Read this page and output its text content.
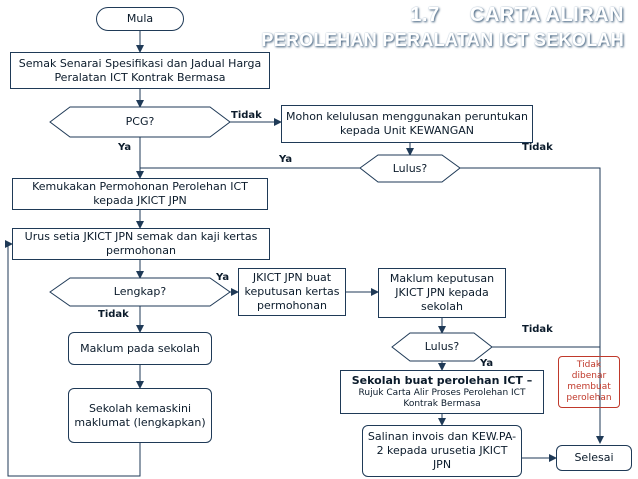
1.7 CARTA ALIRAN
PEROLEHAN PERALATAN ICT SEKOLAH
Mula
Semak Senarai Spesifikasi dan Jadual Harga Peralatan ICT Kontrak Bermasa
PCG?	Tidak
Ya
Mohon kelulusan menggunakan peruntukan kepada Unit KEWANGAN
Lulus?
Ya
Tidak
Kemukakan Permohonan Perolehan ICT kepada JKICT JPN
Urus setia JKICT JPN semak dan kaji kertas permohonan
Lengkap?
Ya
Tidak
JKICT JPN buat keputusan kertas permohonan
Maklum keputusan JKICT JPN kepada sekolah
Lulus?
Tidak
Ya
Maklum pada sekolah
Sekolah kemaskini maklumat (lengkapkan)
Sekolah buat perolehan ICT –
Rujuk Carta Alir Proses Perolehan ICT Kontrak Bermasa
Salinan invois dan KEW.PA-2 kepada urusetia JKICT JPN
Tidak dibenar membuat perolehan
Selesai
